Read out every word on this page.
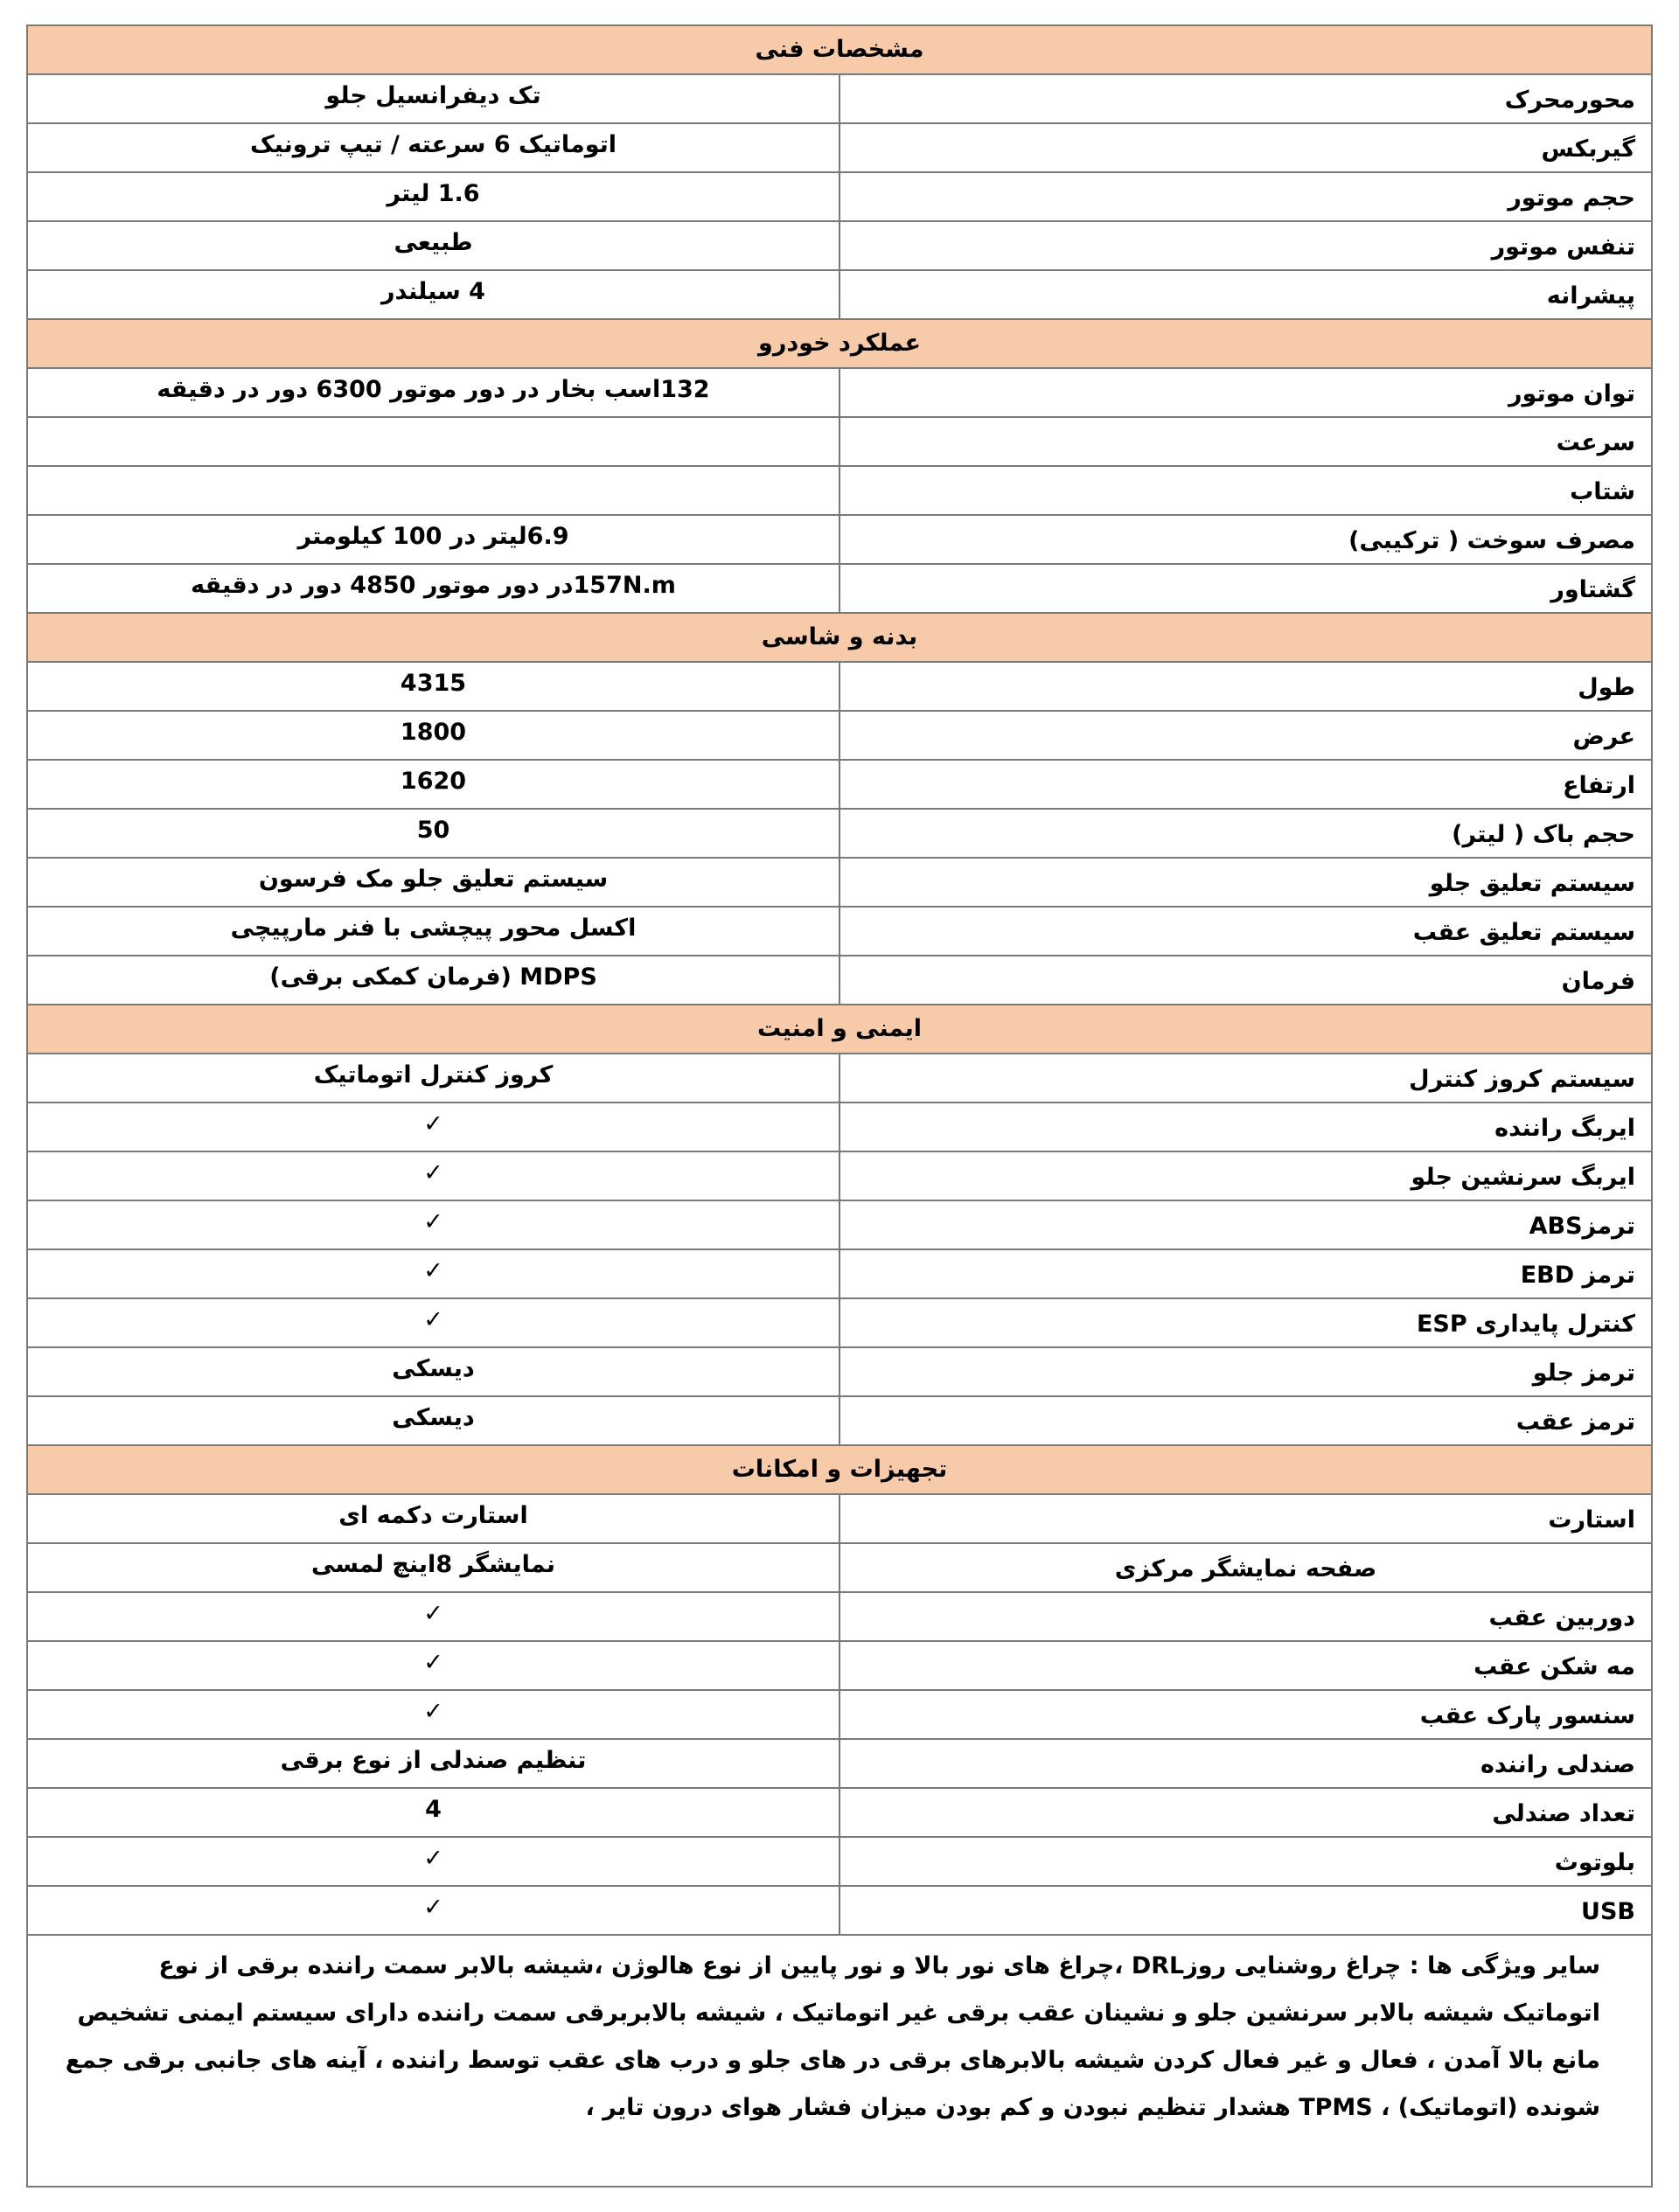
مشخصات فنی	
محورمحرک	تک دیفرانسیل جلو
گیربکس	اتوماتیک 6 سرعته / تیپ ترونیک
حجم موتور	1.6 لیتر
تنفس موتور	طبیعی
پیشرانه	4 سیلندر
عملکرد خودرو	
توان موتور	132اسب بخار در دور موتور 6300 دور در دقیقه
سرعت	
شتاب	
مصرف سوخت ( ترکیبی)	6.9لیتر در 100 کیلومتر
گشتاور	157N.mدر دور موتور 4850 دور در دقیقه
بدنه و شاسی	
طول	4315
عرض	1800
ارتفاع	1620
حجم باک ( لیتر)	50
سیستم تعلیق جلو	سیستم تعلیق جلو مک فرسون
سیستم تعلیق عقب	اکسل محور پیچشی با فنر مارپیچی
فرمان	MDPS (فرمان کمکی برقی)
ایمنی و امنیت	
سیستم کروز کنترل	کروز کنترل اتوماتیک
ایربگ راننده	✓
ایربگ سرنشین جلو	✓
ترمزABS	✓
ترمز EBD	✓
کنترل پایداری ESP	✓
ترمز جلو	دیسکی
ترمز عقب	دیسکی
تجهیزات و امکانات	
استارت	استارت دکمه ای
صفحه نمایشگر مرکزی	نمایشگر 8اینچ لمسی
دوربین عقب	✓
مه شکن عقب	✓
سنسور پارک عقب	✓
صندلی راننده	تنظیم صندلی از نوع برقی
تعداد صندلی	4
بلوتوث	✓
USB	✓
سایر ویژگی ها : چراغ روشنایی روزDRL ،چراغ های نور بالا و نور پایین از نوع هالوژن ،شیشه بالابر سمت راننده برقی از نوع اتوماتیک شیشه بالابر سرنشین جلو و نشینان عقب برقی غیر اتوماتیک ، شیشه بالابربرقی سمت راننده دارای سیستم ایمنی تشخیص مانع بالا آمدن ، فعال و غیر فعال کردن شیشه بالابرهای برقی در های جلو و درب های عقب توسط راننده ، آینه های جانبی برقی جمع شونده (اتوماتیک) ، TPMS هشدار تنظیم نبودن و کم بودن میزان فشار هوای درون تایر ،	
